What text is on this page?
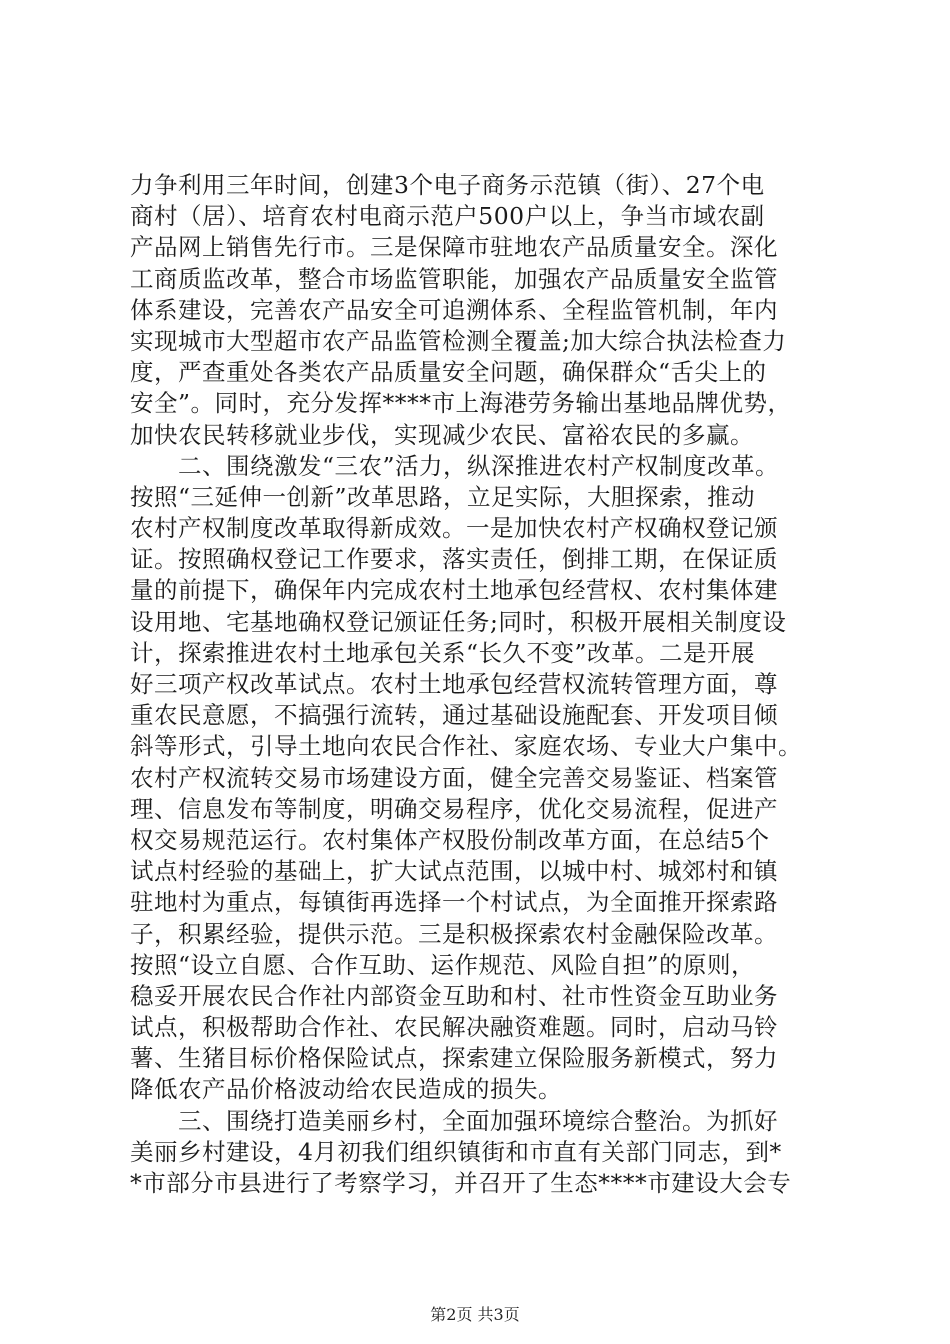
力争利用三年时间，创建3个电子商务示范镇（街）、27个电
商村（居）、培育农村电商示范户500户以上，争当市域农副
产品网上销售先行市。三是保障市驻地农产品质量安全。深化
工商质监改革，整合市场监管职能，加强农产品质量安全监管
体系建设，完善农产品安全可追溯体系、全程监管机制，年内
实现城市大型超市农产品监管检测全覆盖;加大综合执法检查力
度，严查重处各类农产品质量安全问题，确保群众“舌尖上的
安全”。同时，充分发挥****市上海港劳务输出基地品牌优势，
加快农民转移就业步伐，实现减少农民、富裕农民的多赢。
　　二、围绕激发“三农”活力，纵深推进农村产权制度改革。
按照“三延伸一创新”改革思路，立足实际，大胆探索，推动
农村产权制度改革取得新成效。一是加快农村产权确权登记颁
证。按照确权登记工作要求，落实责任，倒排工期，在保证质
量的前提下，确保年内完成农村土地承包经营权、农村集体建
设用地、宅基地确权登记颁证任务;同时，积极开展相关制度设
计，探索推进农村土地承包关系“长久不变”改革。二是开展
好三项产权改革试点。农村土地承包经营权流转管理方面，尊
重农民意愿，不搞强行流转，通过基础设施配套、开发项目倾
斜等形式，引导土地向农民合作社、家庭农场、专业大户集中。
农村产权流转交易市场建设方面，健全完善交易鉴证、档案管
理、信息发布等制度，明确交易程序，优化交易流程，促进产
权交易规范运行。农村集体产权股份制改革方面，在总结5个
试点村经验的基础上，扩大试点范围，以城中村、城郊村和镇
驻地村为重点，每镇街再选择一个村试点，为全面推开探索路
子，积累经验，提供示范。三是积极探索农村金融保险改革。
按照“设立自愿、合作互助、运作规范、风险自担”的原则，
稳妥开展农民合作社内部资金互助和村、社市性资金互助业务
试点，积极帮助合作社、农民解决融资难题。同时，启动马铃
薯、生猪目标价格保险试点，探索建立保险服务新模式，努力
降低农产品价格波动给农民造成的损失。
　　三、围绕打造美丽乡村，全面加强环境综合整治。为抓好
美丽乡村建设，4月初我们组织镇街和市直有关部门同志，到*
*市部分市县进行了考察学习，并召开了生态****市建设大会专
第2页 共3页
